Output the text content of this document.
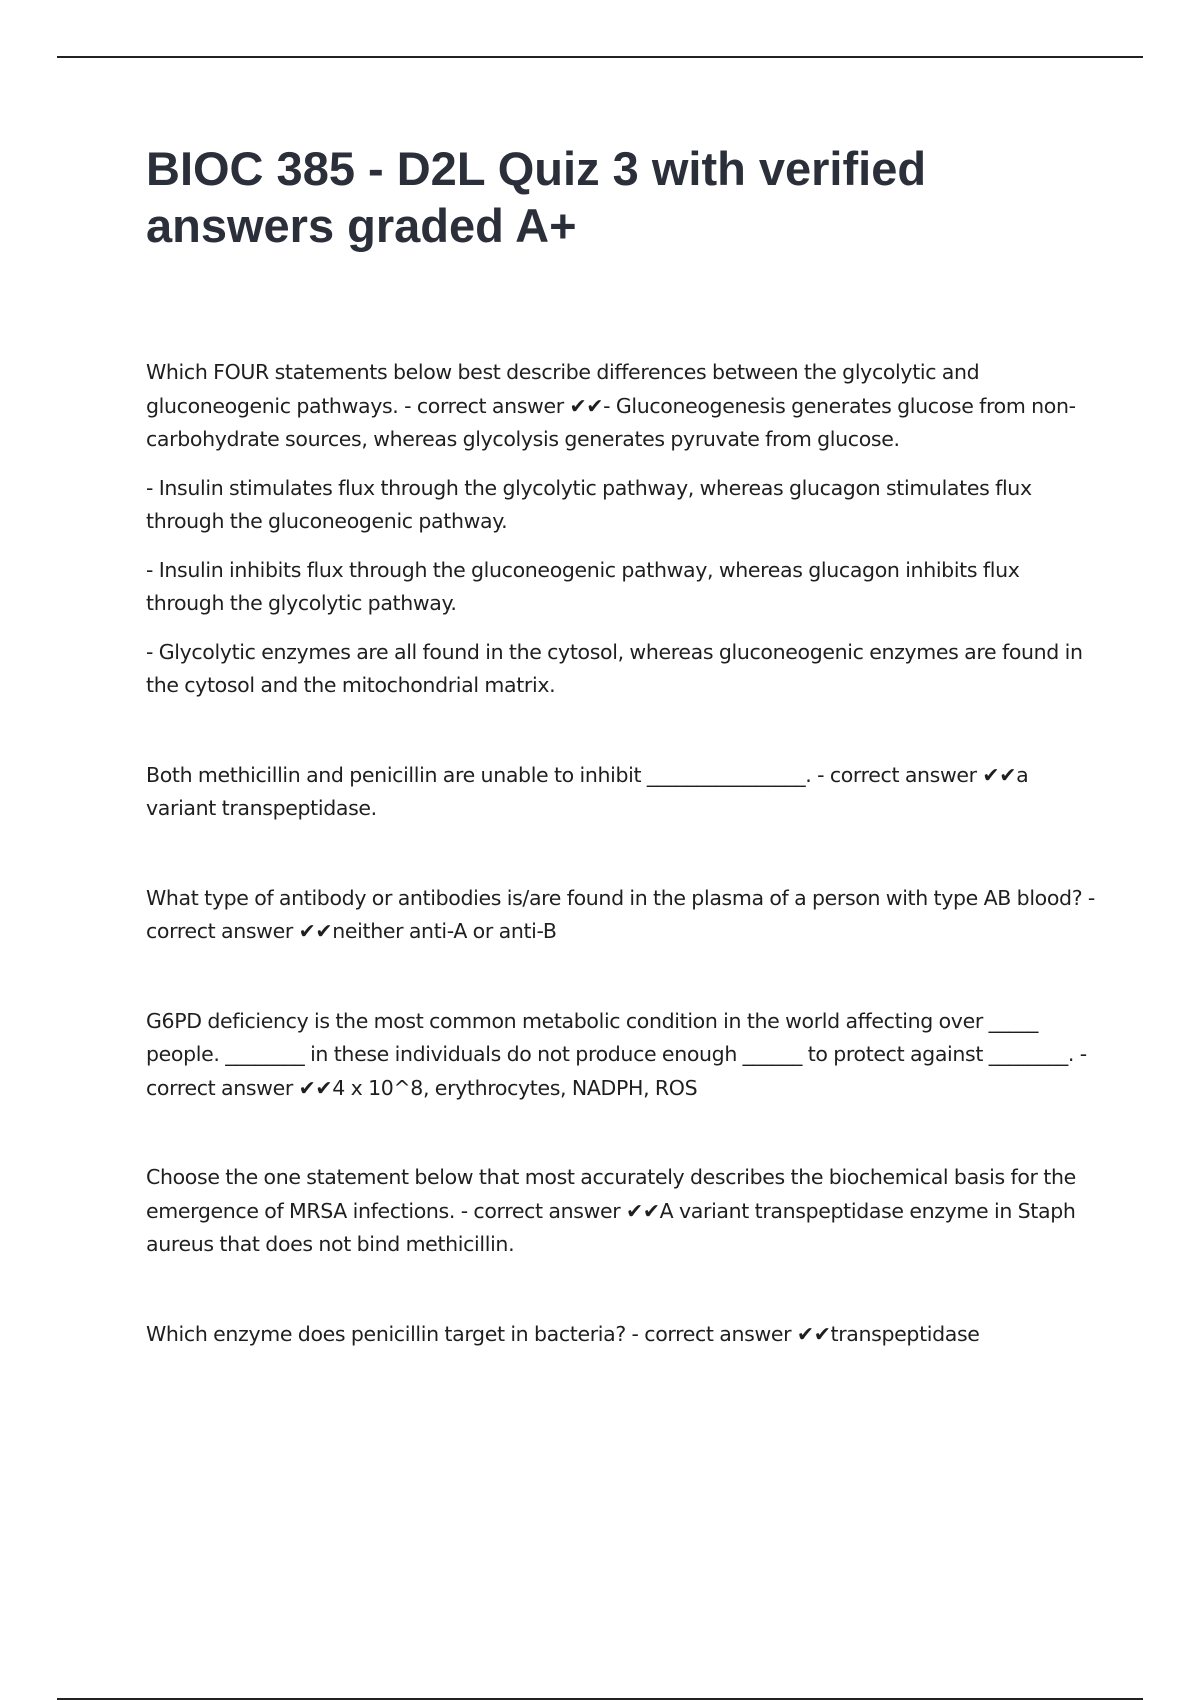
BIOC 385 - D2L Quiz 3 with verified answers graded A+

Which FOUR statements below best describe differences between the glycolytic and gluconeogenic pathways. - correct answer ✔✔- Gluconeogenesis generates glucose from non-carbohydrate sources, whereas glycolysis generates pyruvate from glucose.

- Insulin stimulates flux through the glycolytic pathway, whereas glucagon stimulates flux through the gluconeogenic pathway.

- Insulin inhibits flux through the gluconeogenic pathway, whereas glucagon inhibits flux through the glycolytic pathway.

- Glycolytic enzymes are all found in the cytosol, whereas gluconeogenic enzymes are found in the cytosol and the mitochondrial matrix.

Both methicillin and penicillin are unable to inhibit ________________. - correct answer ✔✔a variant transpeptidase.

What type of antibody or antibodies is/are found in the plasma of a person with type AB blood? - correct answer ✔✔neither anti-A or anti-B

G6PD deficiency is the most common metabolic condition in the world affecting over _____ people. ________ in these individuals do not produce enough ______ to protect against ________. - correct answer ✔✔4 x 10^8, erythrocytes, NADPH, ROS

Choose the one statement below that most accurately describes the biochemical basis for the emergence of MRSA infections. - correct answer ✔✔A variant transpeptidase enzyme in Staph aureus that does not bind methicillin.

Which enzyme does penicillin target in bacteria? - correct answer ✔✔transpeptidase
